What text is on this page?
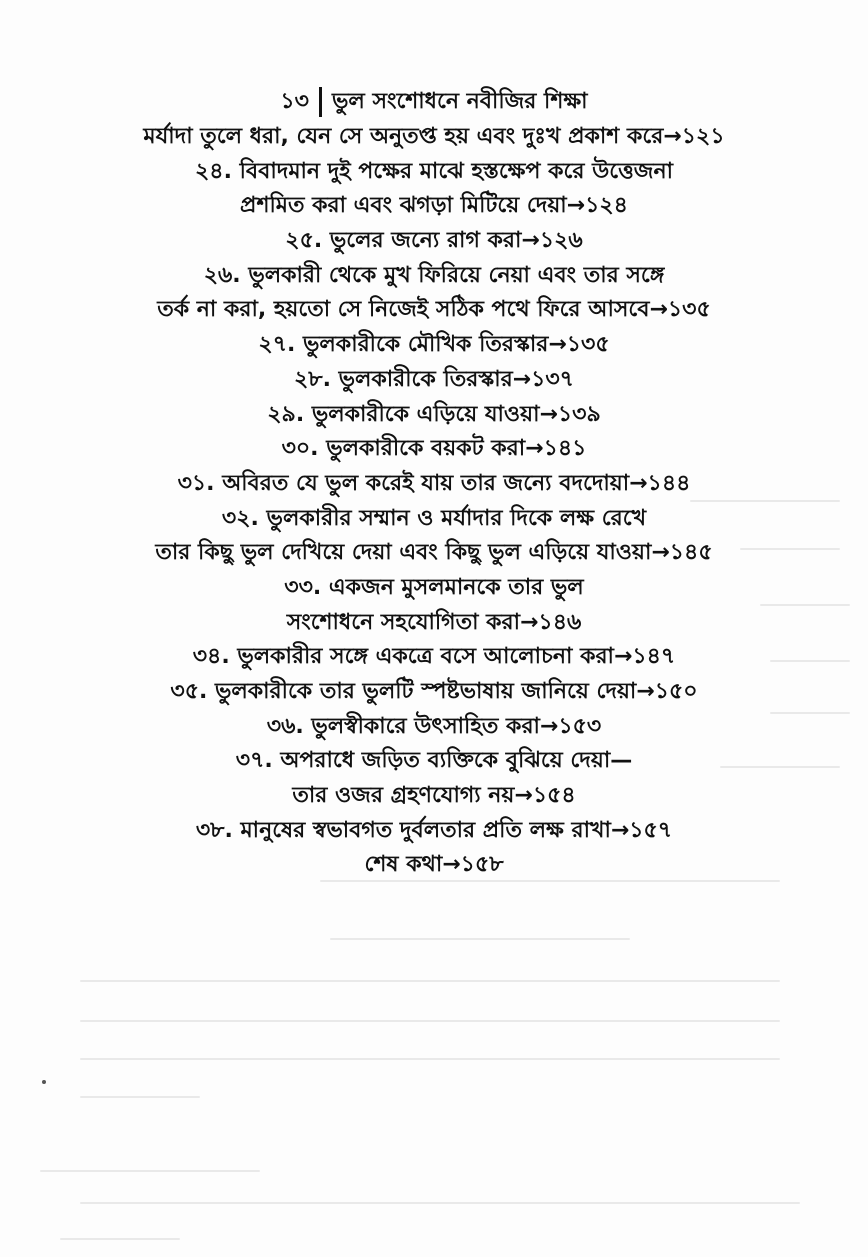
১৩ ভুল সংশোধনে নবীজির শিক্ষা
মর্যাদা তুলে ধরা, যেন সে অনুতপ্ত হয় এবং দুঃখ প্রকাশ করে→১২১
২৪. বিবাদমান দুই পক্ষের মাঝে হস্তক্ষেপ করে উত্তেজনা
প্রশমিত করা এবং ঝগড়া মিটিয়ে দেয়া→১২৪
২৫. ভুলের জন্যে রাগ করা→১২৬
২৬. ভুলকারী থেকে মুখ ফিরিয়ে নেয়া এবং তার সঙ্গে
তর্ক না করা, হয়তো সে নিজেই সঠিক পথে ফিরে আসবে→১৩৫
২৭. ভুলকারীকে মৌখিক তিরস্কার→১৩৫
২৮. ভুলকারীকে তিরস্কার→১৩৭
২৯. ভুলকারীকে এড়িয়ে যাওয়া→১৩৯
৩০. ভুলকারীকে বয়কট করা→১৪১
৩১. অবিরত যে ভুল করেই যায় তার জন্যে বদদোয়া→১৪৪
৩২. ভুলকারীর সম্মান ও মর্যাদার দিকে লক্ষ রেখে
তার কিছু ভুল দেখিয়ে দেয়া এবং কিছু ভুল এড়িয়ে যাওয়া→১৪৫
৩৩. একজন মুসলমানকে তার ভুল
সংশোধনে সহযোগিতা করা→১৪৬
৩৪. ভুলকারীর সঙ্গে একত্রে বসে আলোচনা করা→১৪৭
৩৫. ভুলকারীকে তার ভুলটি স্পষ্টভাষায় জানিয়ে দেয়া→১৫০
৩৬. ভুলস্বীকারে উৎসাহিত করা→১৫৩
৩৭. অপরাধে জড়িত ব্যক্তিকে বুঝিয়ে দেয়া—
তার ওজর গ্রহণযোগ্য নয়→১৫৪
৩৮. মানুষের স্বভাবগত দুর্বলতার প্রতি লক্ষ রাখা→১৫৭
শেষ কথা→১৫৮
